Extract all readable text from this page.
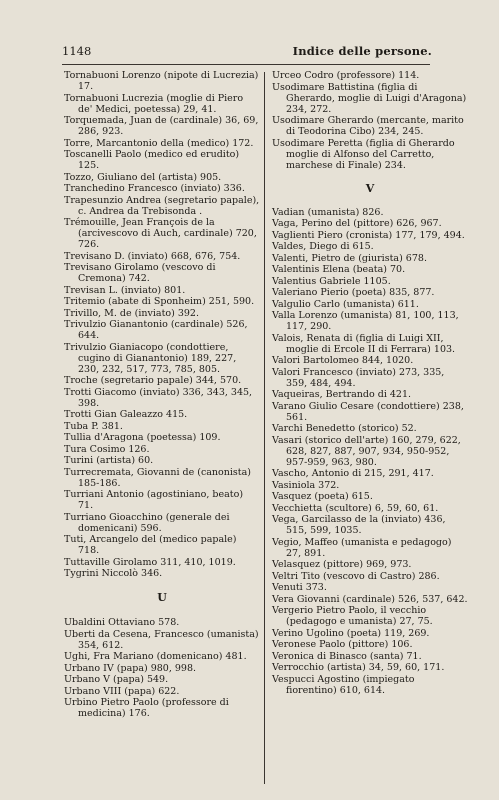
1148	Indice delle persone.

Tornabuoni Lorenzo (nipote di Lucrezia) 17.

Tornabuoni Lucrezia (moglie di Piero de' Medici, poetessa) 29, 41.

Torquemada, Juan de (cardinale) 36, 69, 286, 923.

Torre, Marcantonio della (medico) 172.

Toscanelli Paolo (medico ed erudito) 125.

Tozzo, Giuliano del (artista) 905.

Tranchedino Francesco (inviato) 336.

Trapesunzio Andrea (segretario papale), c. Andrea da Trebisonda .

Trémouille, Jean François de la (arcivescovo di Auch, cardinale) 720, 726.

Trevisano D. (inviato) 668, 676, 754.

Trevisano Girolamo (vescovo di Cremona) 742.

Trevisan L. (inviato) 801.

Tritemio (abate di Sponheim) 251, 590.

Trivillo, M. de (inviato) 392.

Trivulzio Gianantonio (cardinale) 526, 644.

Trivulzio Gianiacopo (condottiere, cugino di Gianantonio) 189, 227, 230, 232, 517, 773, 785, 805.

Troche (segretario papale) 344, 570.

Trotti Giacomo (inviato) 336, 343, 345, 398.

Trotti Gian Galeazzo 415.

Tuba P. 381.

Tullia d'Aragona (poetessa) 109.

Tura Cosimo 126.

Turini (artista) 60.

Turrecremata, Giovanni de (canonista) 185-186.

Turriani Antonio (agostiniano, beato) 71.

Turriano Gioacchino (generale dei domenicani) 596.

Tuti, Arcangelo del (medico papale) 718.

Tuttaville Girolamo 311, 410, 1019.

Tygrini Niccolò 346.

U

Ubaldini Ottaviano 578.

Uberti da Cesena, Francesco (umanista) 354, 612.

Ughi, Fra Mariano (domenicano) 481.

Urbano IV (papa) 980, 998.

Urbano V (papa) 549.

Urbano VIII (papa) 622.

Urbino Pietro Paolo (professore di medicina) 176.

Urceo Codro (professore) 114.

Usodimare Battistina (figlia di Gherardo, moglie di Luigi d'Aragona) 234, 272.

Usodimare Gherardo (mercante, marito di Teodorina Cibo) 234, 245.

Usodimare Peretta (figlia di Gherardo moglie di Alfonso del Carretto, marchese di Finale) 234.

V

Vadian (umanista) 826.

Vaga, Perino del (pittore) 626, 967.

Vaglienti Piero (cronista) 177, 179, 494.

Valdes, Diego di 615.

Valenti, Pietro de (giurista) 678.

Valentinis Elena (beata) 70.

Valentius Gabriele 1105.

Valeriano Pierio (poeta) 835, 877.

Valgulio Carlo (umanista) 611.

Valla Lorenzo (umanista) 81, 100, 113, 117, 290.

Valois, Renata di (figlia di Luigi XII, moglie di Ercole II di Ferrara) 103.

Valori Bartolomeo 844, 1020.

Valori Francesco (inviato) 273, 335, 359, 484, 494.

Vaqueiras, Bertrando di 421.

Varano Giulio Cesare (condottiere) 238, 561.

Varchi Benedetto (storico) 52.

Vasari (storico dell'arte) 160, 279, 622, 628, 827, 887, 907, 934, 950-952, 957-959, 963, 980.

Vascho, Antonio di 215, 291, 417.

Vasiniola 372.

Vasquez (poeta) 615.

Vecchietta (scultore) 6, 59, 60, 61.

Vega, Garcilasso de la (inviato) 436, 515, 599, 1035.

Vegio, Maffeo (umanista e pedagogo) 27, 891.

Velasquez (pittore) 969, 973.

Veltri Tito (vescovo di Castro) 286.

Venuti 373.

Vera Giovanni (cardinale) 526, 537, 642.

Vergerio Pietro Paolo, il vecchio (pedagogo e umanista) 27, 75.

Verino Ugolino (poeta) 119, 269.

Veronese Paolo (pittore) 106.

Veronica di Binasco (santa) 71.

Verrocchio (artista) 34, 59, 60, 171.

Vespucci Agostino (impiegato fiorentino) 610, 614.
